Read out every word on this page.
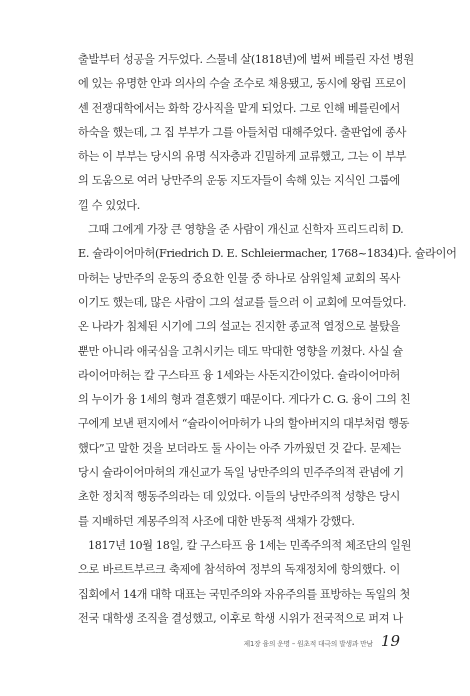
출발부터 성공을 거두었다. 스물네 살(1818년)에 벌써 베를린 자선 병원
에 있는 유명한 안과 의사의 수술 조수로 채용됐고, 동시에 왕립 프로이
센 전쟁대학에서는 화학 강사직을 맡게 되었다. 그로 인해 베를린에서
하숙을 했는데, 그 집 부부가 그를 아들처럼 대해주었다. 출판업에 종사
하는 이 부부는 당시의 유명 식자층과 긴밀하게 교류했고, 그는 이 부부
의 도움으로 여러 낭만주의 운동 지도자들이 속해 있는 지식인 그룹에
낄 수 있었다.
그때 그에게 가장 큰 영향을 준 사람이 개신교 신학자 프리드리히 D.
E. 슐라이어마허(Friedrich D. E. Schleiermacher, 1768~1834)다. 슐라이어
마허는 낭만주의 운동의 중요한 인물 중 하나로 삼위일체 교회의 목사
이기도 했는데, 많은 사람이 그의 설교를 들으러 이 교회에 모여들었다.
온 나라가 침체된 시기에 그의 설교는 진지한 종교적 열정으로 불탔을
뿐만 아니라 애국심을 고취시키는 데도 막대한 영향을 끼쳤다. 사실 슐
라이어마허는 칼 구스타프 융 1세와는 사돈지간이었다. 슐라이어마허
의 누이가 융 1세의 형과 결혼했기 때문이다. 게다가 C. G. 융이 그의 친
구에게 보낸 편지에서 “슐라이어마허가 나의 할아버지의 대부처럼 행동
했다”고 말한 것을 보더라도 둘 사이는 아주 가까웠던 것 같다. 문제는
당시 슐라이어마허의 개신교가 독일 낭만주의의 민주주의적 관념에 기
초한 정치적 행동주의라는 데 있었다. 이들의 낭만주의적 성향은 당시
를 지배하던 계몽주의적 사조에 대한 반동적 색채가 강했다.
1817년 10월 18일, 칼 구스타프 융 1세는 민족주의적 체조단의 일원
으로 바르트부르크 축제에 참석하여 정부의 독재정치에 항의했다. 이
집회에서 14개 대학 대표는 국민주의와 자유주의를 표방하는 독일의 첫
전국 대학생 조직을 결성했고, 이후로 학생 시위가 전국적으로 퍼져 나
제1장 융의 운명 – 원초적 대극의 발생과 만남 19
